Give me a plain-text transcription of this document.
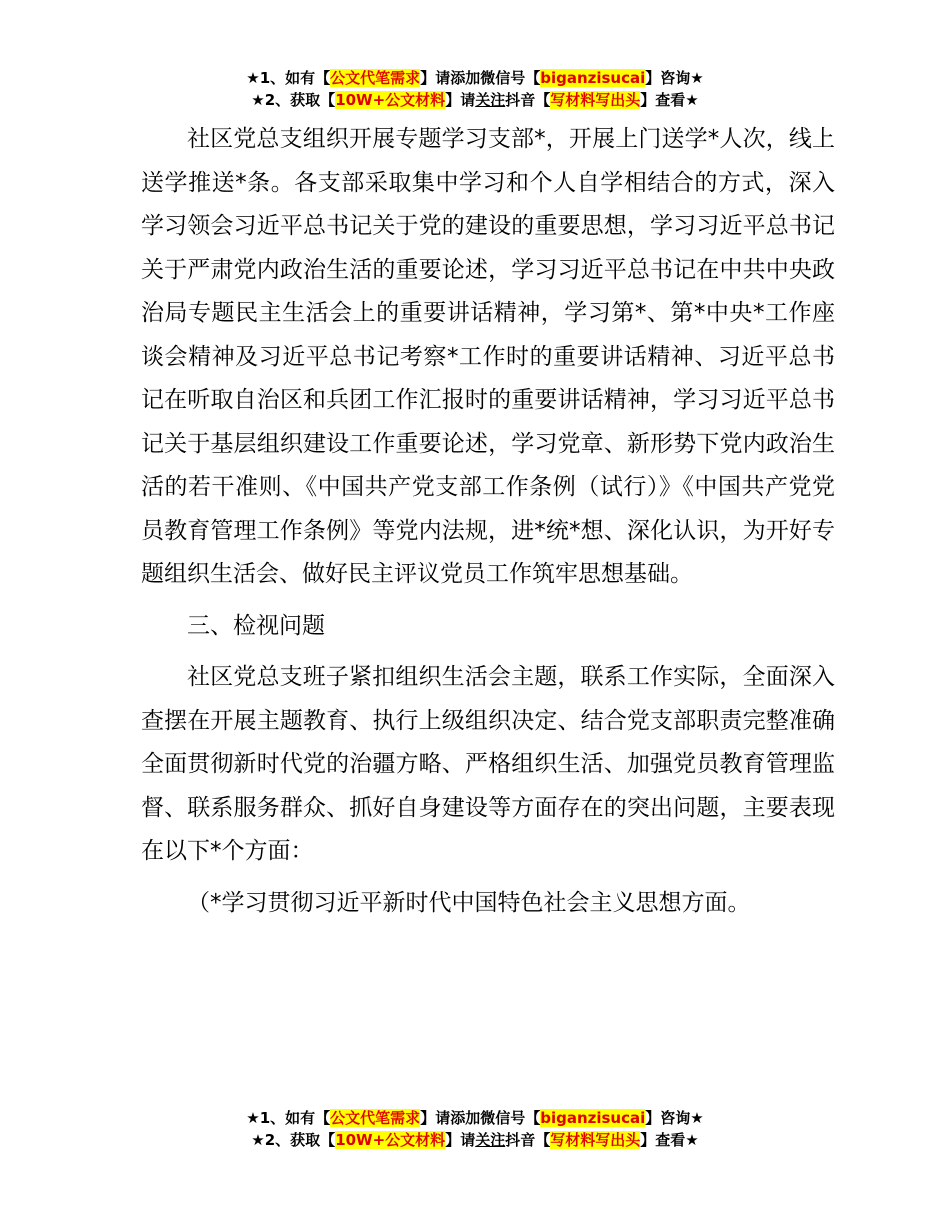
★1、如有【公文代笔需求】请添加微信号【biganzisucai】咨询★
★2、获取【10W+公文材料】请关注抖音【写材料写出头】查看★

社区党总支组织开展专题学习支部*，开展上门送学*人次，线上送学推送*条。各支部采取集中学习和个人自学相结合的方式，深入学习领会习近平总书记关于党的建设的重要思想，学习习近平总书记关于严肃党内政治生活的重要论述，学习习近平总书记在中共中央政治局专题民主生活会上的重要讲话精神，学习第*、第*中央*工作座谈会精神及习近平总书记考察*工作时的重要讲话精神、习近平总书记在听取自治区和兵团工作汇报时的重要讲话精神，学习习近平总书记关于基层组织建设工作重要论述，学习党章、新形势下党内政治生活的若干准则、《中国共产党支部工作条例（试行）》《中国共产党党员教育管理工作条例》等党内法规，进*统*想、深化认识，为开好专题组织生活会、做好民主评议党员工作筑牢思想基础。

三、检视问题

社区党总支班子紧扣组织生活会主题，联系工作实际，全面深入查摆在开展主题教育、执行上级组织决定、结合党支部职责完整准确全面贯彻新时代党的治疆方略、严格组织生活、加强党员教育管理监督、联系服务群众、抓好自身建设等方面存在的突出问题，主要表现在以下*个方面：

（*学习贯彻习近平新时代中国特色社会主义思想方面。

★1、如有【公文代笔需求】请添加微信号【biganzisucai】咨询★
★2、获取【10W+公文材料】请关注抖音【写材料写出头】查看★
